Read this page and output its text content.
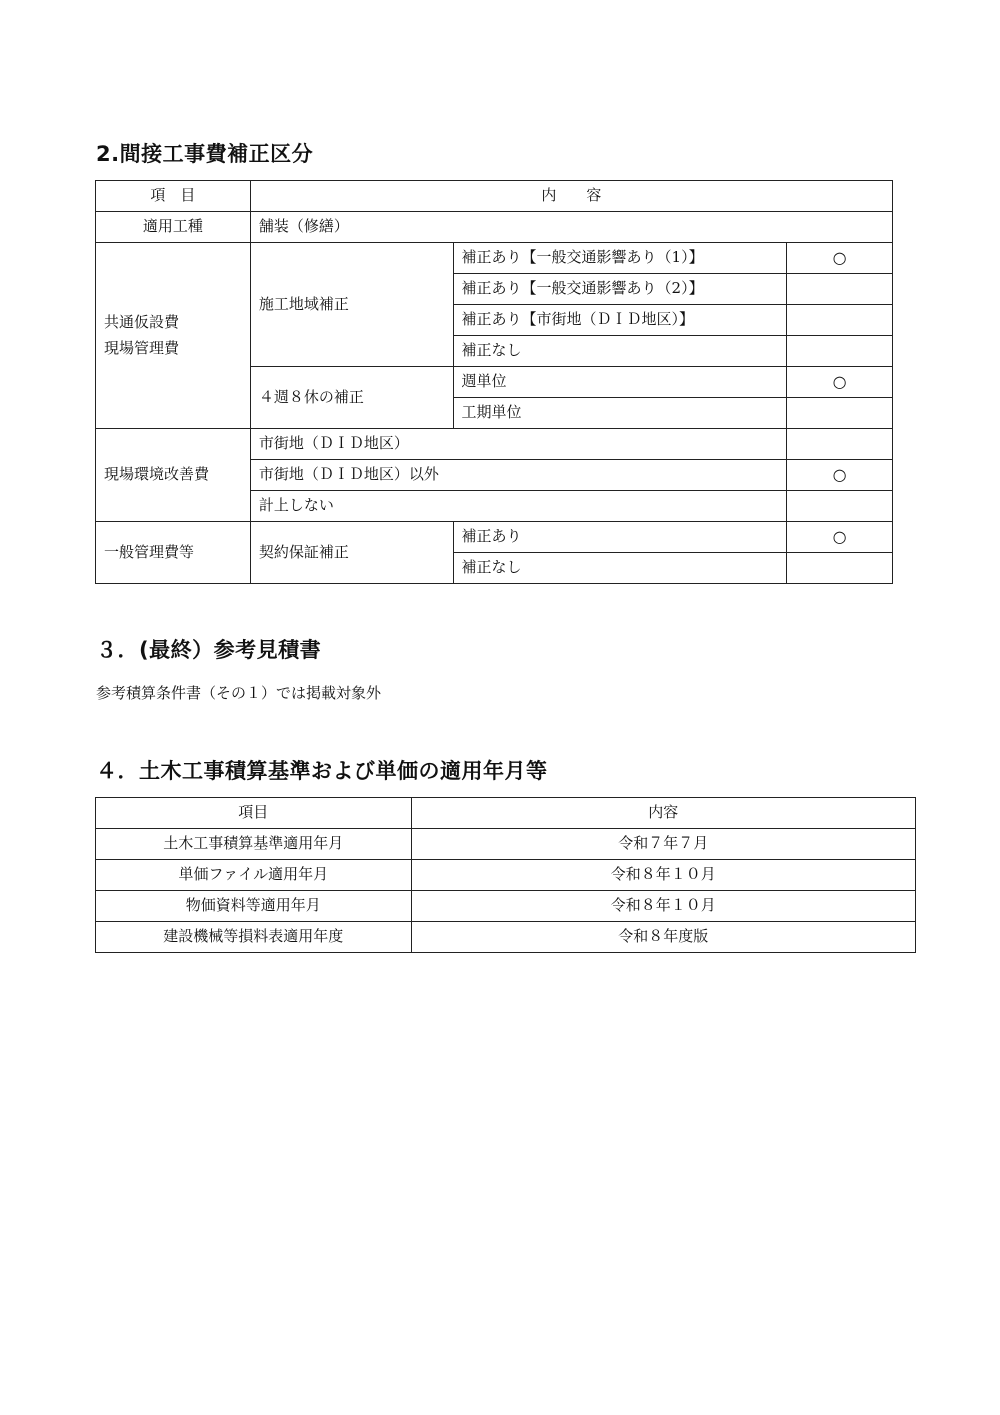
2.間接工事費補正区分
項　目	内　　容		
適用工種	舗装（修繕）		

共通仮設費
現場管理費	施工地域補正	補正あり【一般交通影響あり（1）】	○
		補正あり【一般交通影響あり（2）】	
		補正あり【市街地（ＤＩＤ地区）】	
		補正なし	
	４週８休の補正	週単位	○
		工期単位	
現場環境改善費	市街地（ＤＩＤ地区）		
	市街地（ＤＩＤ地区）以外		○
	計上しない		
一般管理費等	契約保証補正	補正あり	○
		補正なし	
３．(最終）参考見積書

参考積算条件書（その１）では掲載対象外

４．土木工事積算基準および単価の適用年月等
項目	内容
土木工事積算基準適用年月	令和７年７月
単価ファイル適用年月	令和８年１０月
物価資料等適用年月	令和８年１０月
建設機械等損料表適用年度	令和８年度版
